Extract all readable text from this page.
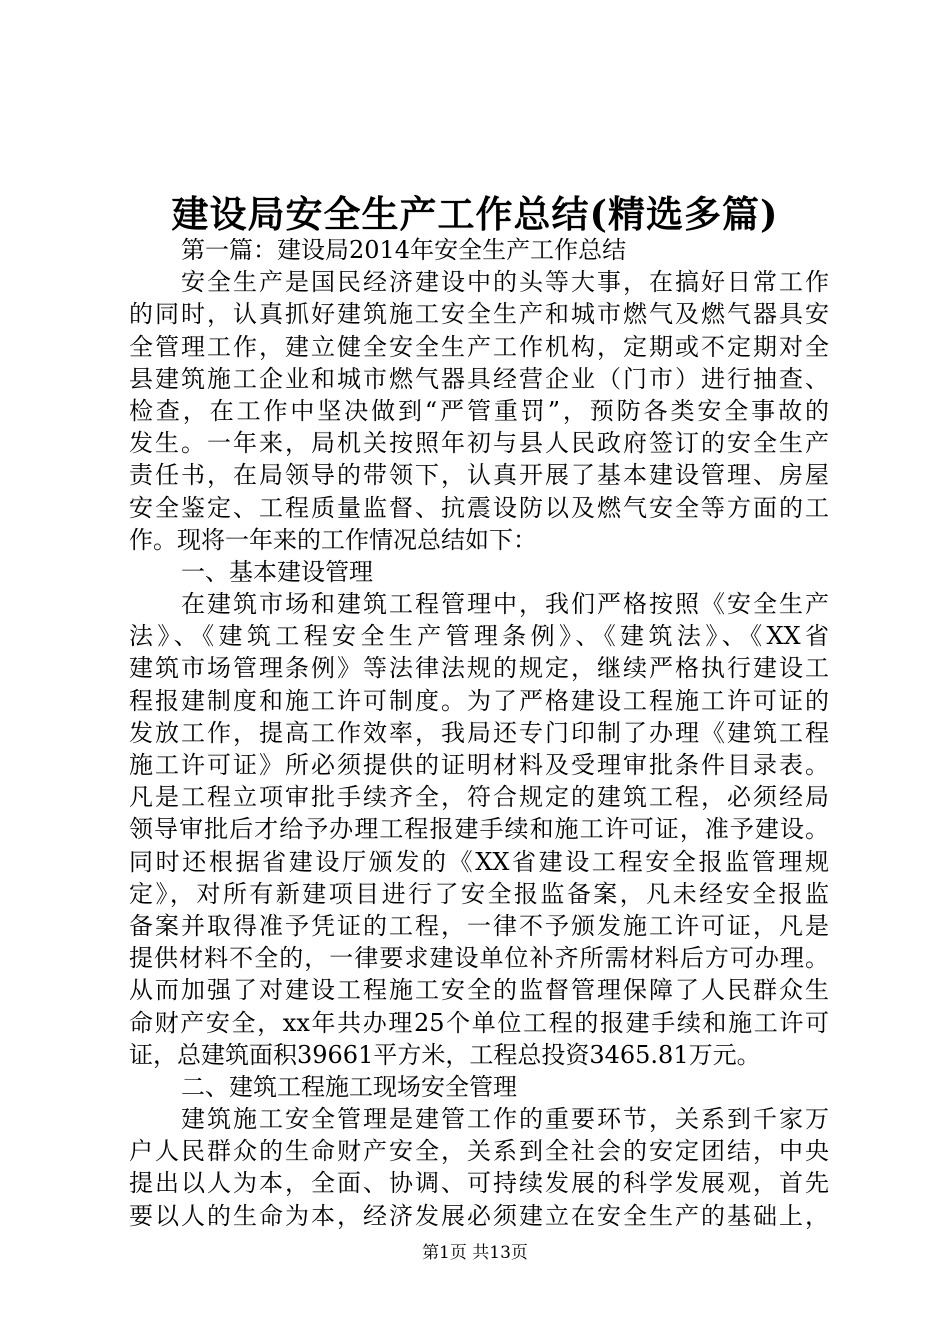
建设局安全生产工作总结(精选多篇)
第一篇：建设局2014年安全生产工作总结
安全生产是国民经济建设中的头等大事，在搞好日常工作
的同时，认真抓好建筑施工安全生产和城市燃气及燃气器具安
全管理工作，建立健全安全生产工作机构，定期或不定期对全
县建筑施工企业和城市燃气器具经营企业（门市）进行抽查、
检查，在工作中坚决做到“严管重罚”，预防各类安全事故的
发生。一年来，局机关按照年初与县人民政府签订的安全生产
责任书，在局领导的带领下，认真开展了基本建设管理、房屋
安全鉴定、工程质量监督、抗震设防以及燃气安全等方面的工
作。现将一年来的工作情况总结如下：
一、基本建设管理
在建筑市场和建筑工程管理中，我们严格按照《安全生产
法》、《建筑工程安全生产管理条例》、《建筑法》、《XX省
建筑市场管理条例》等法律法规的规定，继续严格执行建设工
程报建制度和施工许可制度。为了严格建设工程施工许可证的
发放工作，提高工作效率，我局还专门印制了办理《建筑工程
施工许可证》所必须提供的证明材料及受理审批条件目录表。
凡是工程立项审批手续齐全，符合规定的建筑工程，必须经局
领导审批后才给予办理工程报建手续和施工许可证，准予建设。
同时还根据省建设厅颁发的《XX省建设工程安全报监管理规
定》，对所有新建项目进行了安全报监备案，凡未经安全报监
备案并取得准予凭证的工程，一律不予颁发施工许可证，凡是
提供材料不全的，一律要求建设单位补齐所需材料后方可办理。
从而加强了对建设工程施工安全的监督管理保障了人民群众生
命财产安全，xx年共办理25个单位工程的报建手续和施工许可
证，总建筑面积39661平方米，工程总投资3465.81万元。
二、建筑工程施工现场安全管理
建筑施工安全管理是建管工作的重要环节，关系到千家万
户人民群众的生命财产安全，关系到全社会的安定团结，中央
提出以人为本，全面、协调、可持续发展的科学发展观，首先
要以人的生命为本，经济发展必须建立在安全生产的基础上，
第1页 共13页
